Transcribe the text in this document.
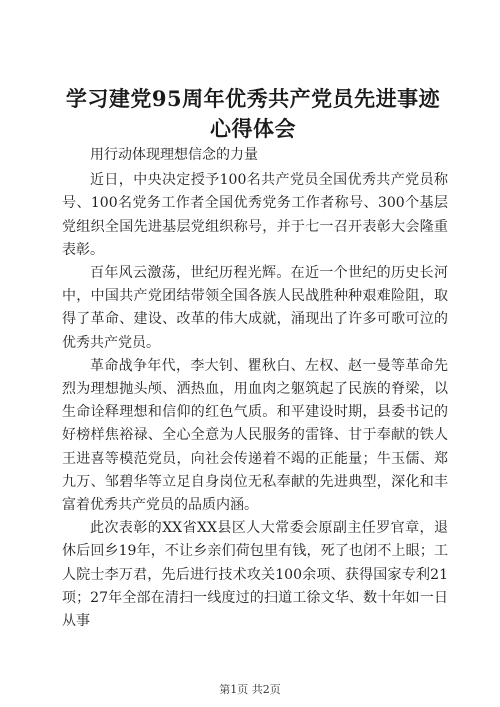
学习建党95周年优秀共产党员先进事迹心得体会

用行动体现理想信念的力量

近日，中央决定授予100名共产党员全国优秀共产党员称号、100名党务工作者全国优秀党务工作者称号、300个基层党组织全国先进基层党组织称号，并于七一召开表彰大会隆重表彰。

百年风云激荡，世纪历程光辉。在近一个世纪的历史长河中，中国共产党团结带领全国各族人民战胜种种艰难险阻，取得了革命、建设、改革的伟大成就，涌现出了许多可歌可泣的优秀共产党员。

革命战争年代，李大钊、瞿秋白、左权、赵一曼等革命先烈为理想抛头颅、洒热血，用血肉之躯筑起了民族的脊梁，以生命诠释理想和信仰的红色气质。和平建设时期，县委书记的好榜样焦裕禄、全心全意为人民服务的雷锋、甘于奉献的铁人王进喜等模范党员，向社会传递着不竭的正能量；牛玉儒、郑九万、邹碧华等立足自身岗位无私奉献的先进典型，深化和丰富着优秀共产党员的品质内涵。

此次表彰的XX省XX县区人大常委会原副主任罗官章，退休后回乡19年，不让乡亲们荷包里有钱，死了也闭不上眼；工人院士李万君，先后进行技术攻关100余项、获得国家专利21项；27年全部在清扫一线度过的扫道工徐文华、数十年如一日从事

第1页 共2页
